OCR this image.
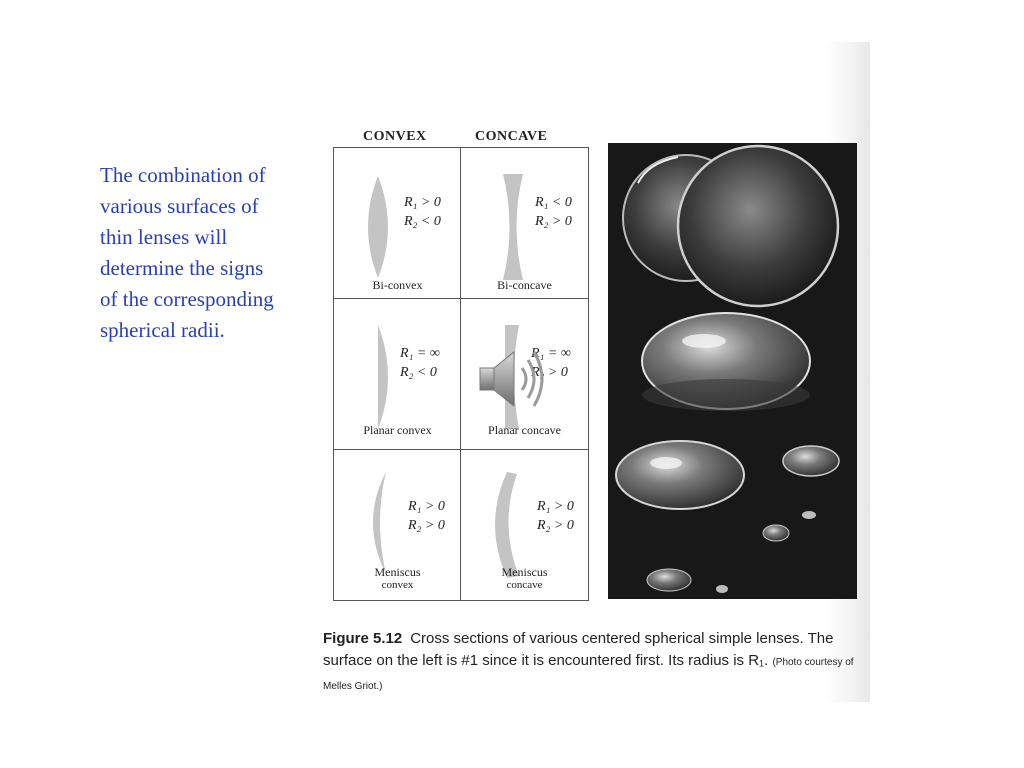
The combination of
various surfaces of
thin lenses will
determine the signs
of the corresponding
spherical radii.
CONVEX	CONCAVE
R₁ > 0
R₂ < 0
Bi-convex
R₁ < 0
R₂ > 0
Bi-concave
R₁ = ∞
R₂ < 0
Planar convex
R₁ = ∞
R₂ > 0
Planar concave
R₁ > 0
R₂ > 0
Meniscus
convex
R₁ > 0
R₂ > 0
Meniscus
concave
Figure 5.12 Cross sections of various centered spherical simple lenses. The surface on the left is #1 since it is encountered first. Its radius is R₁. (Photo courtesy of Melles Griot.)
